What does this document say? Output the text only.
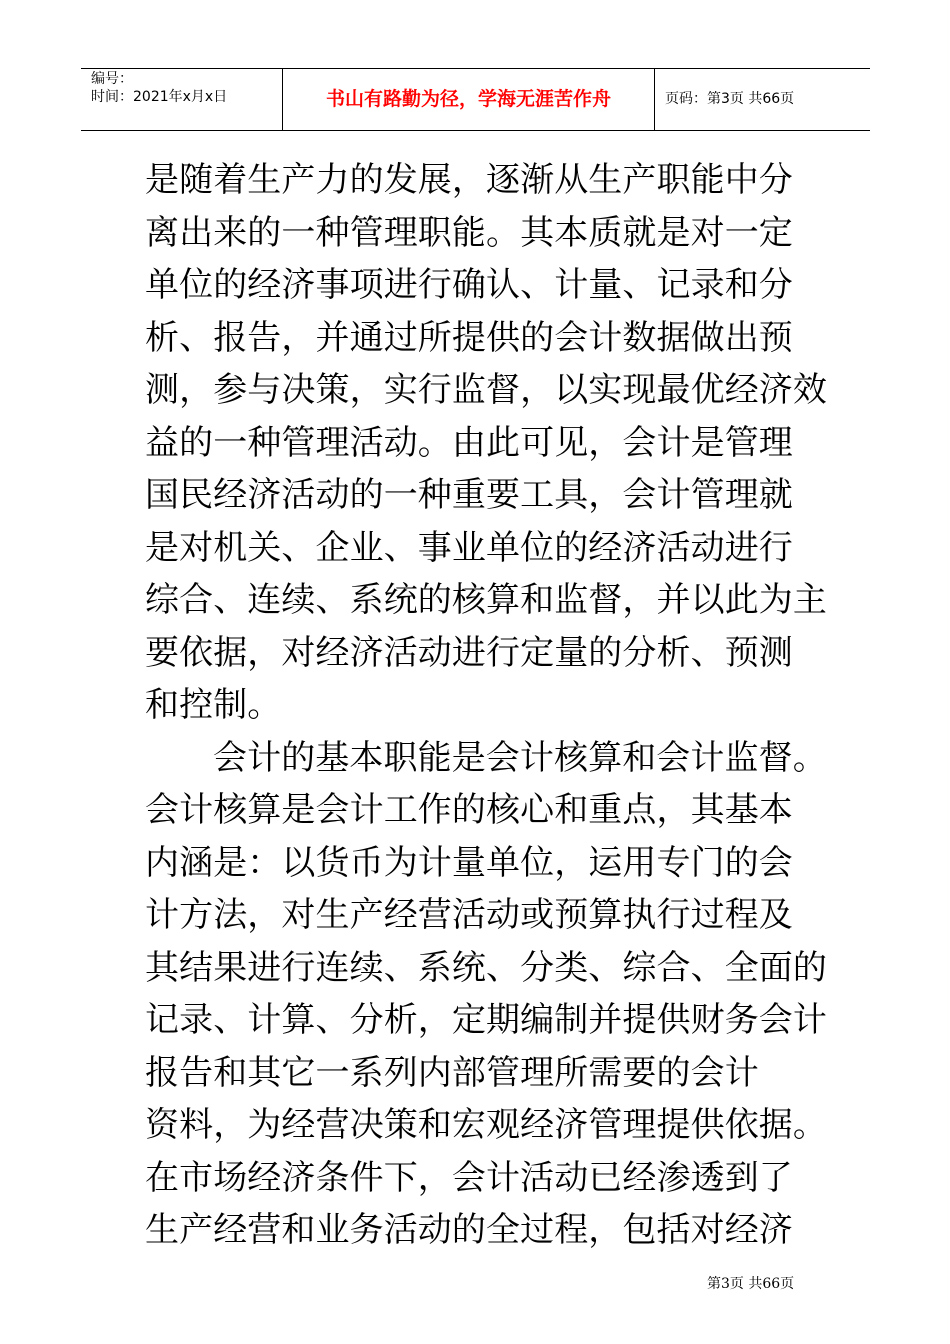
编号：
时间：2021年x月x日	书山有路勤为径，学海无涯苦作舟	页码：第3页 共66页

是随着生产力的发展，逐渐从生产职能中分
离出来的一种管理职能。其本质就是对一定
单位的经济事项进行确认、计量、记录和分
析、报告，并通过所提供的会计数据做出预
测，参与决策，实行监督，以实现最优经济效
益的一种管理活动。由此可见，会计是管理
国民经济活动的一种重要工具，会计管理就
是对机关、企业、事业单位的经济活动进行
综合、连续、系统的核算和监督，并以此为主
要依据，对经济活动进行定量的分析、预测
和控制。

会计的基本职能是会计核算和会计监督。
会计核算是会计工作的核心和重点，其基本
内涵是：以货币为计量单位，运用专门的会
计方法，对生产经营活动或预算执行过程及
其结果进行连续、系统、分类、综合、全面的
记录、计算、分析，定期编制并提供财务会计
报告和其它一系列内部管理所需要的会计
资料，为经营决策和宏观经济管理提供依据。
在市场经济条件下，会计活动已经渗透到了
生产经营和业务活动的全过程，包括对经济

第3页 共66页
